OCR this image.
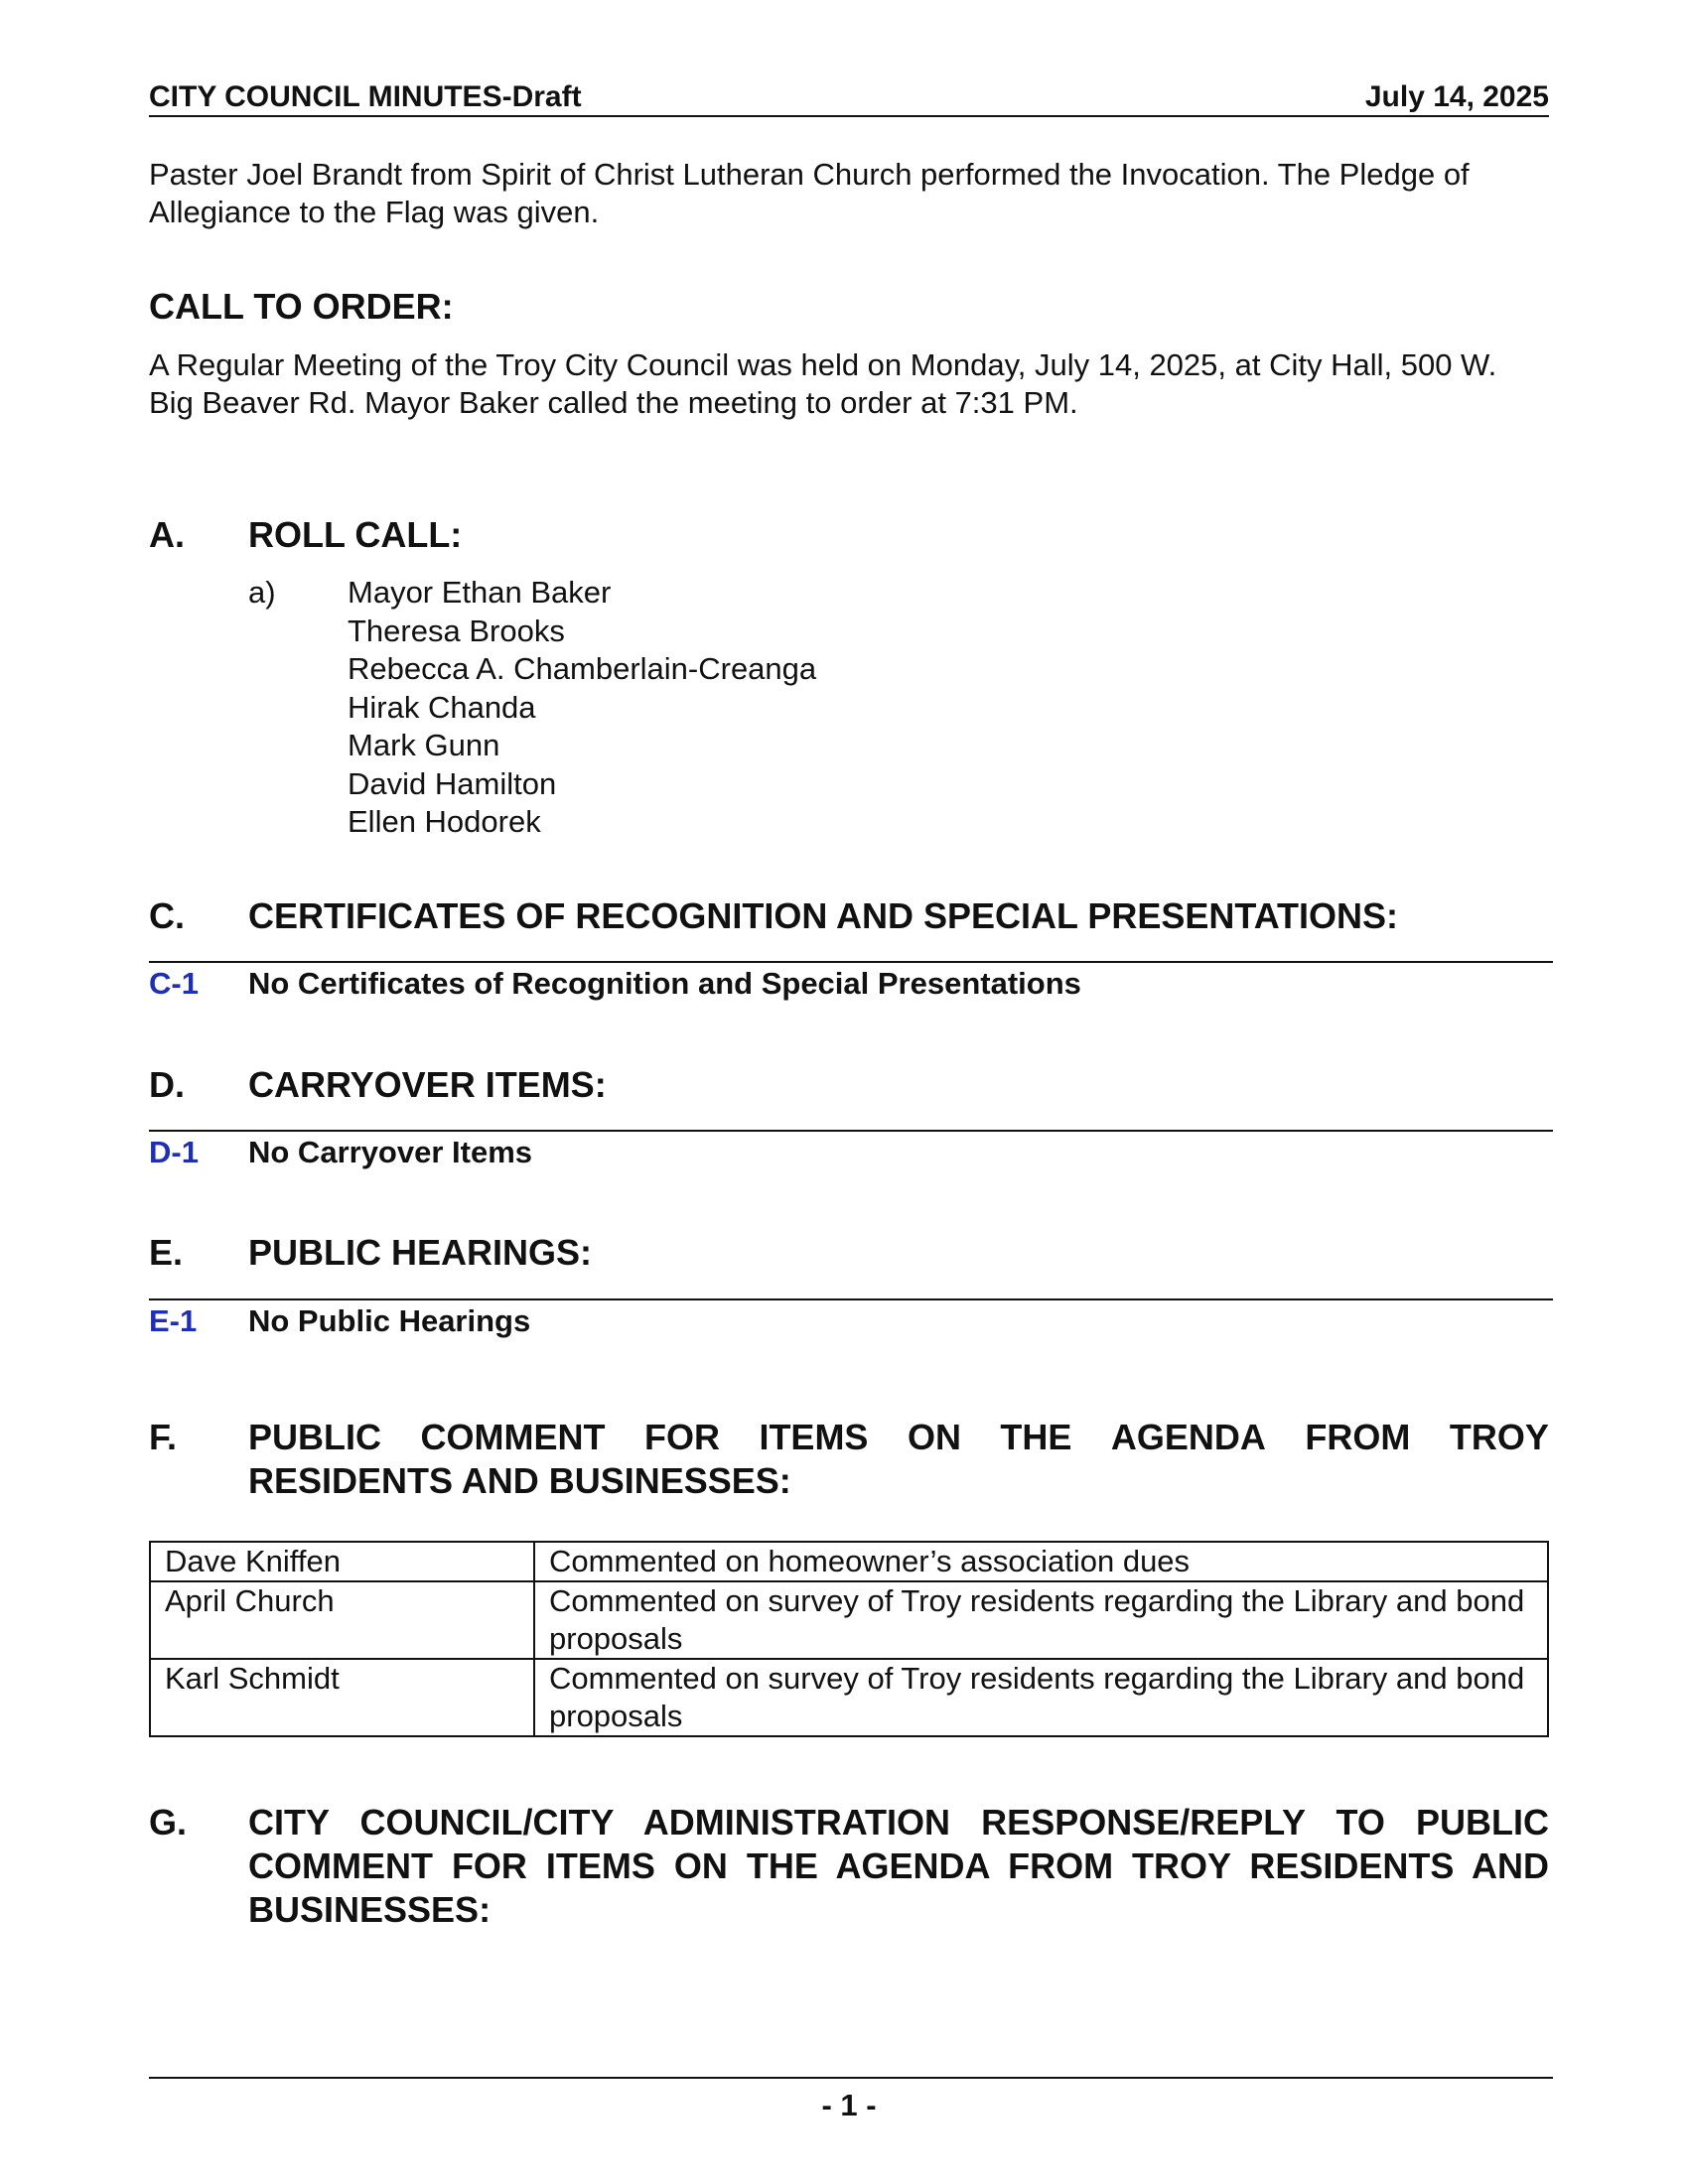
CITY COUNCIL MINUTES-Draft	July 14, 2025
Paster Joel Brandt from Spirit of Christ Lutheran Church performed the Invocation. The Pledge of Allegiance to the Flag was given.
CALL TO ORDER:
A Regular Meeting of the Troy City Council was held on Monday, July 14, 2025, at City Hall, 500 W. Big Beaver Rd. Mayor Baker called the meeting to order at 7:31 PM.
A. ROLL CALL:
a) Mayor Ethan Baker
Theresa Brooks
Rebecca A. Chamberlain-Creanga
Hirak Chanda
Mark Gunn
David Hamilton
Ellen Hodorek
C. CERTIFICATES OF RECOGNITION AND SPECIAL PRESENTATIONS:
C-1 No Certificates of Recognition and Special Presentations
D. CARRYOVER ITEMS:
D-1 No Carryover Items
E. PUBLIC HEARINGS:
E-1 No Public Hearings
F. PUBLIC COMMENT FOR ITEMS ON THE AGENDA FROM TROY
RESIDENTS AND BUSINESSES:
Dave Kniffen	Commented on homeowner’s association dues
April Church	Commented on survey of Troy residents regarding the Library and bond proposals
Karl Schmidt	Commented on survey of Troy residents regarding the Library and bond proposals
G. CITY COUNCIL/CITY ADMINISTRATION RESPONSE/REPLY TO PUBLIC COMMENT FOR ITEMS ON THE AGENDA FROM TROY RESIDENTS AND BUSINESSES:
- 1 -
